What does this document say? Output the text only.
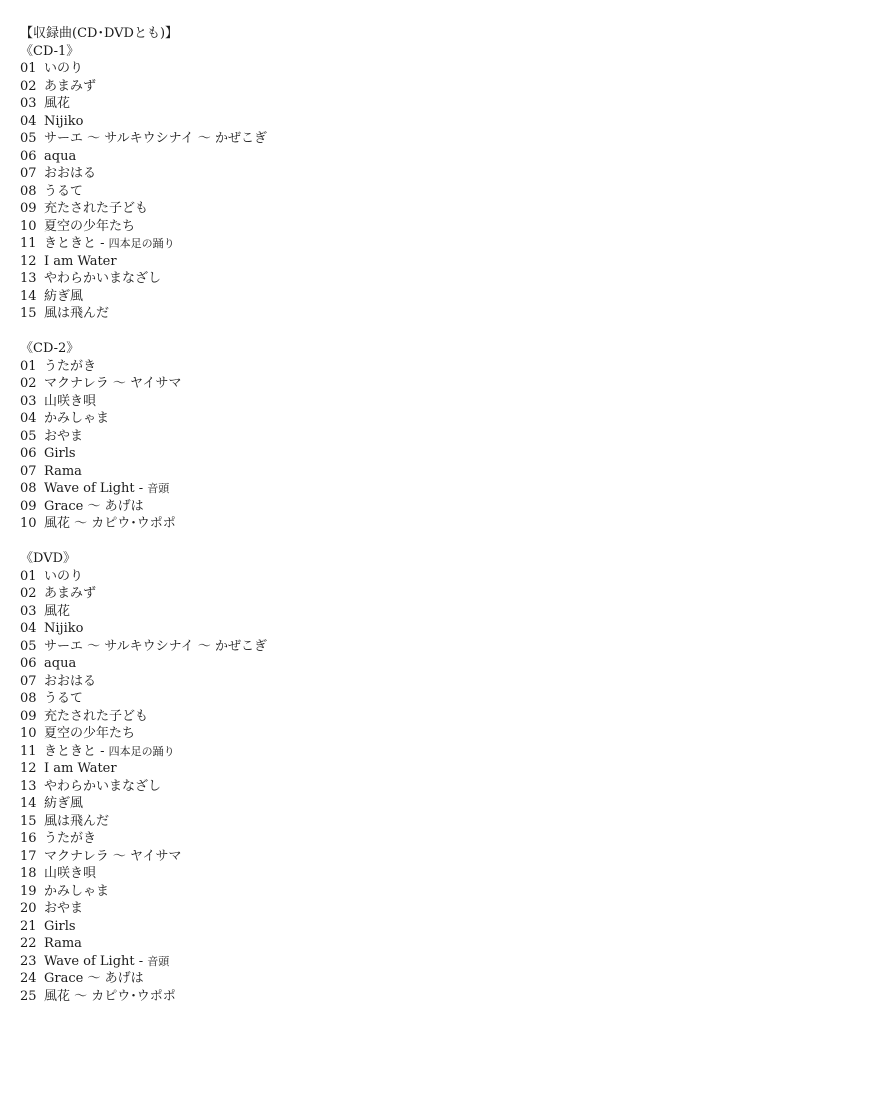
【収録曲(CD･DVDとも)】
《CD-1》
01 いのり
02 あまみず
03 風花
04 Nijiko
05 サーエ 〜 サルキウシナイ 〜 かぜこぎ
06 aqua
07 おおはる
08 うるて
09 充たされた子ども
10 夏空の少年たち
11 きときと - 四本足の踊り
12 I am Water
13 やわらかいまなざし
14 紡ぎ風
15 風は飛んだ
《CD-2》
01 うたがき
02 マクナレラ 〜 ヤイサマ
03 山咲き唄
04 かみしゃま
05 おやま
06 Girls
07 Rama
08 Wave of Light - 音頭
09 Grace 〜 あげは
10 風花 〜 カピウ･ウポポ
《DVD》
01 いのり
02 あまみず
03 風花
04 Nijiko
05 サーエ 〜 サルキウシナイ 〜 かぜこぎ
06 aqua
07 おおはる
08 うるて
09 充たされた子ども
10 夏空の少年たち
11 きときと - 四本足の踊り
12 I am Water
13 やわらかいまなざし
14 紡ぎ風
15 風は飛んだ
16 うたがき
17 マクナレラ 〜 ヤイサマ
18 山咲き唄
19 かみしゃま
20 おやま
21 Girls
22 Rama
23 Wave of Light - 音頭
24 Grace 〜 あげは
25 風花 〜 カピウ･ウポポ
